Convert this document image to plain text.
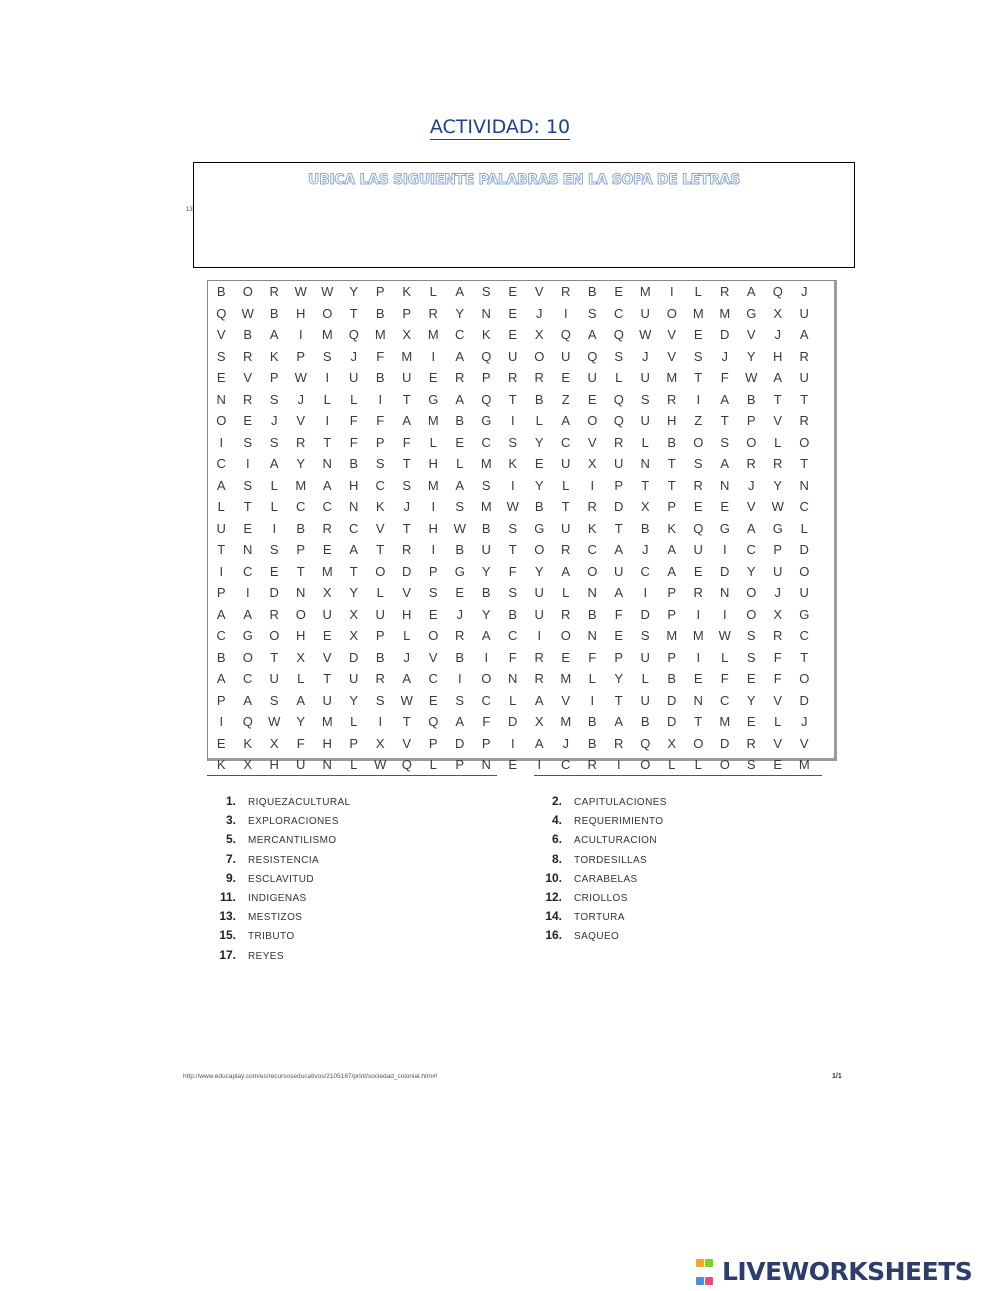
ACTIVIDAD: 10
UBICA LAS SIGUIENTE PALABRAS EN LA SOPA DE LETRAS
13
B	O	R	W	W	Y	P	K	L	A	S	E	V	R	B	E	M	I	L	R	A	Q	J
Q	W	B	H	O	T	B	P	R	Y	N	E	J	I	S	C	U	O	M	M	G	X	U
V	B	A	I	M	Q	M	X	M	C	K	E	X	Q	A	Q	W	V	E	D	V	J	A
S	R	K	P	S	J	F	M	I	A	Q	U	O	U	Q	S	J	V	S	J	Y	H	R
E	V	P	W	I	U	B	U	E	R	P	R	R	E	U	L	U	M	T	F	W	A	U
N	R	S	J	L	L	I	T	G	A	Q	T	B	Z	E	Q	S	R	I	A	B	T	T
O	E	J	V	I	F	F	A	M	B	G	I	L	A	O	Q	U	H	Z	T	P	V	R
I	S	S	R	T	F	P	F	L	E	C	S	Y	C	V	R	L	B	O	S	O	L	O
C	I	A	Y	N	B	S	T	H	L	M	K	E	U	X	U	N	T	S	A	R	R	T
A	S	L	M	A	H	C	S	M	A	S	I	Y	L	I	P	T	T	R	N	J	Y	N
L	T	L	C	C	N	K	J	I	S	M	W	B	T	R	D	X	P	E	E	V	W	C
U	E	I	B	R	C	V	T	H	W	B	S	G	U	K	T	B	K	Q	G	A	G	L
T	N	S	P	E	A	T	R	I	B	U	T	O	R	C	A	J	A	U	I	C	P	D
I	C	E	T	M	T	O	D	P	G	Y	F	Y	A	O	U	C	A	E	D	Y	U	O
P	I	D	N	X	Y	L	V	S	E	B	S	U	L	N	A	I	P	R	N	O	J	U
A	A	R	O	U	X	U	H	E	J	Y	B	U	R	B	F	D	P	I	I	O	X	G
C	G	O	H	E	X	P	L	O	R	A	C	I	O	N	E	S	M	M	W	S	R	C
B	O	T	X	V	D	B	J	V	B	I	F	R	E	F	P	U	P	I	L	S	F	T
A	C	U	L	T	U	R	A	C	I	O	N	R	M	L	Y	L	B	E	F	E	F	O
P	A	S	A	U	Y	S	W	E	S	C	L	A	V	I	T	U	D	N	C	Y	V	D
I	Q	W	Y	M	L	I	T	Q	A	F	D	X	M	B	A	B	D	T	M	E	L	J
E	K	X	F	H	P	X	V	P	D	P	I	A	J	B	R	Q	X	O	D	R	V	V
K	X	H	U	N	L	W	Q	L	P	N	E	I	C	R	I	O	L	L	O	S	E	M
1. RIQUEZACULTURAL	2. CAPITULACIONES
3. EXPLORACIONES	4. REQUERIMIENTO
5. MERCANTILISMO	6. ACULTURACION
7. RESISTENCIA	8. TORDESILLAS
9. ESCLAVITUD	10. CARABELAS
11. INDIGENAS	12. CRIOLLOS
13. MESTIZOS	14. TORTURA
15. TRIBUTO	16. SAQUEO
17. REYES
http://www.educaplay.com/es/recursoseducativos/2105187/print/sociedad_colonial.htm#!	1/1
LIVEWORKSHEETS
